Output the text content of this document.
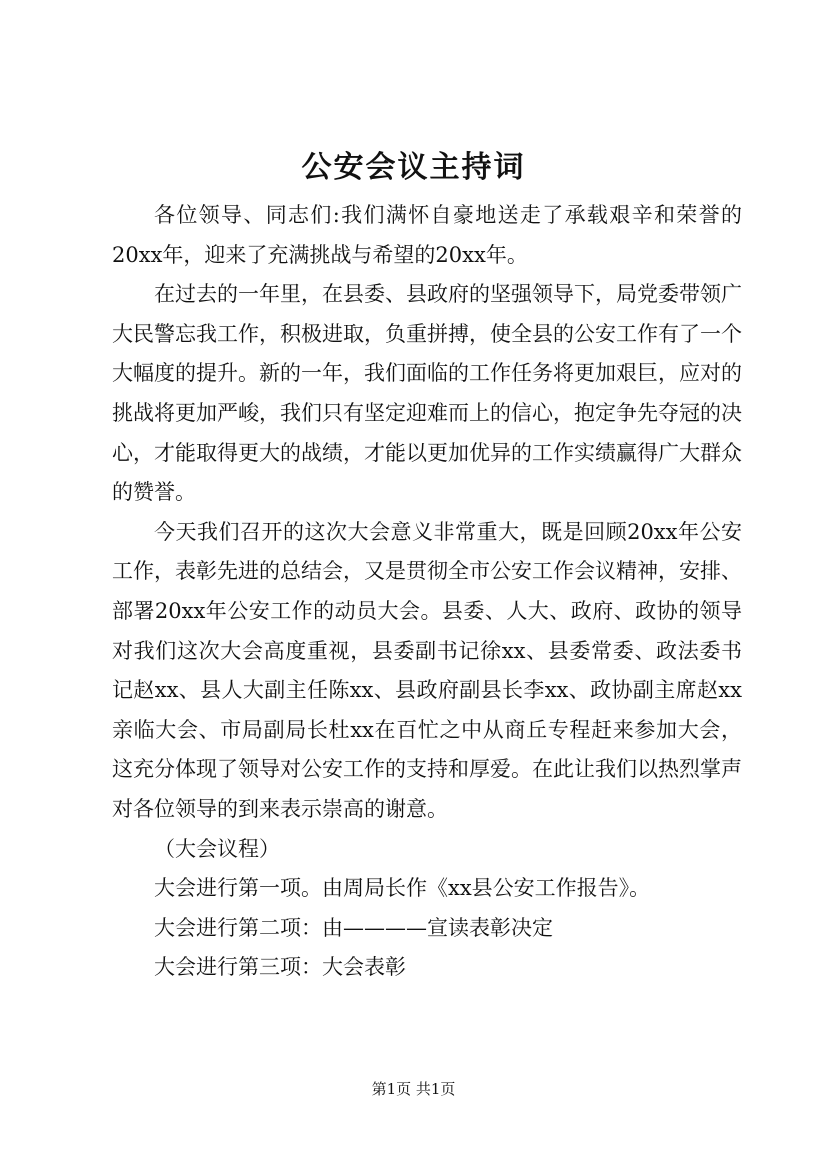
公安会议主持词

各位领导、同志们:我们满怀自豪地送走了承载艰辛和荣誉的20xx年，迎来了充满挑战与希望的20xx年。

在过去的一年里，在县委、县政府的坚强领导下，局党委带领广大民警忘我工作，积极进取，负重拼搏，使全县的公安工作有了一个大幅度的提升。新的一年，我们面临的工作任务将更加艰巨，应对的挑战将更加严峻，我们只有坚定迎难而上的信心，抱定争先夺冠的决心，才能取得更大的战绩，才能以更加优异的工作实绩赢得广大群众的赞誉。

今天我们召开的这次大会意义非常重大，既是回顾20xx年公安工作，表彰先进的总结会，又是贯彻全市公安工作会议精神，安排、部署20xx年公安工作的动员大会。县委、人大、政府、政协的领导对我们这次大会高度重视，县委副书记徐xx、县委常委、政法委书记赵xx、县人大副主任陈xx、县政府副县长李xx、政协副主席赵xx亲临大会、市局副局长杜xx在百忙之中从商丘专程赶来参加大会，这充分体现了领导对公安工作的支持和厚爱。在此让我们以热烈掌声对各位领导的到来表示崇高的谢意。

（大会议程）

大会进行第一项。由周局长作《xx县公安工作报告》。

大会进行第二项：由————宣读表彰决定

大会进行第三项：大会表彰

第1页 共1页
